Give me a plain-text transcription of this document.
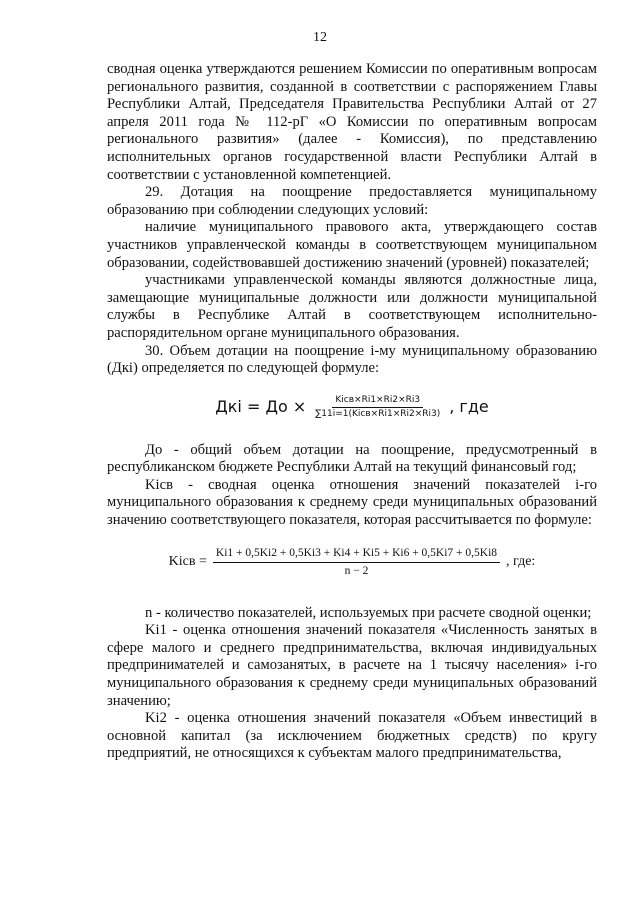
12

сводная оценка утверждаются решением Комиссии по оперативным вопросам регионального развития, созданной в соответствии с распоряжением Главы Республики Алтай, Председателя Правительства Республики Алтай от 27 апреля 2011 года № 112-рГ «О Комиссии по оперативным вопросам регионального развития» (далее - Комиссия), по представлению исполнительных органов государственной власти Республики Алтай в соответствии с установленной компетенцией.

29. Дотация на поощрение предоставляется муниципальному образованию при соблюдении следующих условий:

наличие муниципального правового акта, утверждающего состав участников управленческой команды в соответствующем муниципальном образовании, содействовавшей достижению значений (уровней) показателей;

участниками управленческой команды являются должностные лица, замещающие муниципальные должности или должности муниципальной службы в Республике Алтай в соответствующем исполнительно-распорядительном органе муниципального образования.

30. Объем дотации на поощрение i-му муниципальному образованию (Дкi) определяется по следующей формуле:

Дкi = До × $\frac{\text{Kiсв×Ri1×Ri2×Ri3}}{\text{∑11i=1(Kiсв×Ri1×Ri2×Ri3)}}$ , где

До - общий объем дотации на поощрение, предусмотренный в республиканском бюджете Республики Алтай на текущий финансовый год;

Kiсв - сводная оценка отношения значений показателей i-го муниципального образования к среднему среди муниципальных образований значению соответствующего показателя, которая рассчитывается по формуле:

Kiсв = $\frac{Ki1 + 0,5Ki2 + 0,5Ki3 + Ki4 + Ki5 + Ki6 + 0,5Ki7 + 0,5Ki8}{n - 2}$ , где:

n - количество показателей, используемых при расчете сводной оценки;

Ki1 - оценка отношения значений показателя «Численность занятых в сфере малого и среднего предпринимательства, включая индивидуальных предпринимателей и самозанятых, в расчете на 1 тысячу населения» i-го муниципального образования к среднему среди муниципальных образований значению;

Ki2 - оценка отношения значений показателя «Объем инвестиций в основной капитал (за исключением бюджетных средств) по кругу предприятий, не относящихся к субъектам малого предпринимательства,
